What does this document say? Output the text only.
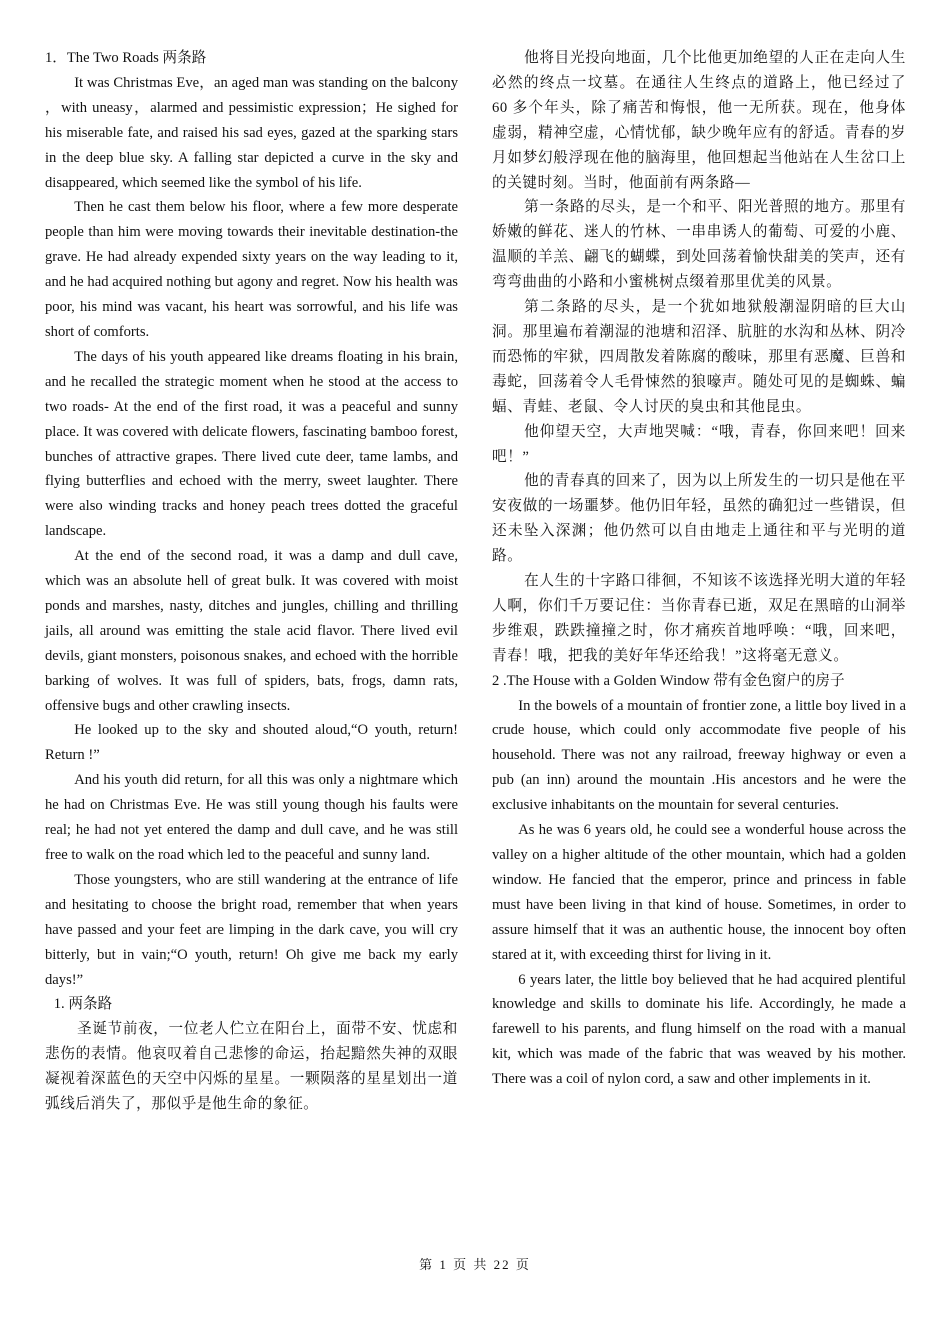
1．The Two Roads 两条路

It was Christmas Eve，an aged man was standing on the balcony ，with uneasy，alarmed and pessimistic expression；He sighed for his miserable fate, and raised his sad eyes, gazed at the sparking stars in the deep blue sky. A falling star depicted a curve in the sky and disappeared, which seemed like the symbol of his life.

Then he cast them below his floor, where a few more desperate people than him were moving towards their inevitable destination-the grave. He had already expended sixty years on the way leading to it, and he had acquired nothing but agony and regret. Now his health was poor, his mind was vacant, his heart was sorrowful, and his life was short of comforts.

The days of his youth appeared like dreams floating in his brain, and he recalled the strategic moment when he stood at the access to two roads- At the end of the first road, it was a peaceful and sunny place. It was covered with delicate flowers, fascinating bamboo forest, bunches of attractive grapes. There lived cute deer, tame lambs, and flying butterflies and echoed with the merry, sweet laughter. There were also winding tracks and honey peach trees dotted the graceful landscape.

At the end of the second road, it was a damp and dull cave, which was an absolute hell of great bulk. It was covered with moist ponds and marshes, nasty, ditches and jungles, chilling and thrilling jails, all around was emitting the stale acid flavor. There lived evil devils, giant monsters, poisonous snakes, and echoed with the horrible barking of wolves. It was full of spiders, bats, frogs, damn rats, offensive bugs and other crawling insects.

He looked up to the sky and shouted aloud,“O youth, return! Return !”

And his youth did return, for all this was only a nightmare which he had on Christmas Eve. He was still young though his faults were real; he had not yet entered the damp and dull cave, and he was still free to walk on the road which led to the peaceful and sunny land.

Those youngsters, who are still wandering at the entrance of life and hesitating to choose the bright road, remember that when years have passed and your feet are limping in the dark cave, you will cry bitterly, but in vain;“O youth, return! Oh give me back my early days!”

1. 两条路

圣诞节前夜，一位老人伫立在阳台上，面带不安、忧虑和悲伤的表情。他哀叹着自己悲惨的命运，抬起黯然失神的双眼凝视着深蓝色的天空中闪烁的星星。一颗陨落的星星划出一道弧线后消失了，那似乎是他生命的象征。

他将目光投向地面，几个比他更加绝望的人正在走向人生必然的终点一坟墓。在通往人生终点的道路上，他已经过了 60 多个年头，除了痛苦和悔恨，他一无所获。现在，他身体虚弱，精神空虚，心情忧郁，缺少晚年应有的舒适。青春的岁月如梦幻般浮现在他的脑海里，他回想起当他站在人生岔口上的关键时刻。当时，他面前有两条路—

第一条路的尽头，是一个和平、阳光普照的地方。那里有娇嫩的鲜花、迷人的竹林、一串串诱人的葡萄、可爱的小鹿、温顺的羊羔、翩飞的蝴蝶，到处回荡着愉快甜美的笑声，还有弯弯曲曲的小路和小蜜桃树点缀着那里优美的风景。

第二条路的尽头，是一个犹如地狱般潮湿阴暗的巨大山洞。那里遍布着潮湿的池塘和沼泽、肮脏的水沟和丛林、阴冷而恐怖的牢狱，四周散发着陈腐的酸味，那里有恶魔、巨兽和毒蛇，回荡着令人毛骨悚然的狼嚎声。随处可见的是蜘蛛、蝙蝠、青蛙、老鼠、令人讨厌的臭虫和其他昆虫。

他仰望天空，大声地哭喊：“哦，青春，你回来吧！回来吧！”

他的青春真的回来了，因为以上所发生的一切只是他在平安夜做的一场噩梦。他仍旧年轻，虽然的确犯过一些错误，但还未坠入深渊；他仍然可以自由地走上通往和平与光明的道路。

在人生的十字路口徘徊，不知该不该选择光明大道的年轻人啊，你们千万要记住：当你青春已逝，双足在黑暗的山洞举步维艰，跌跌撞撞之时，你才痛疾首地呼唤：“哦，回来吧，青春！哦，把我的美好年华还给我！”这将毫无意义。

2 .The House with a Golden Window 带有金色窗户的房子

In the bowels of a mountain of frontier zone, a little boy lived in a crude house, which could only accommodate five people of his household. There was not any railroad, freeway highway or even a pub (an inn) around the mountain .His ancestors and he were the exclusive inhabitants on the mountain for several centuries.

As he was 6 years old, he could see a wonderful house across the valley on a higher altitude of the other mountain, which had a golden window. He fancied that the emperor, prince and princess in fable must have been living in that kind of house. Sometimes, in order to assure himself that it was an authentic house, the innocent boy often stared at it, with exceeding thirst for living in it.

6 years later, the little boy believed that he had acquired plentiful knowledge and skills to dominate his life. Accordingly, he made a farewell to his parents, and flung himself on the road with a manual kit, which was made of the fabric that was weaved by his mother. There was a coil of nylon cord, a saw and other implements in it.

第 1 页 共 22 页
